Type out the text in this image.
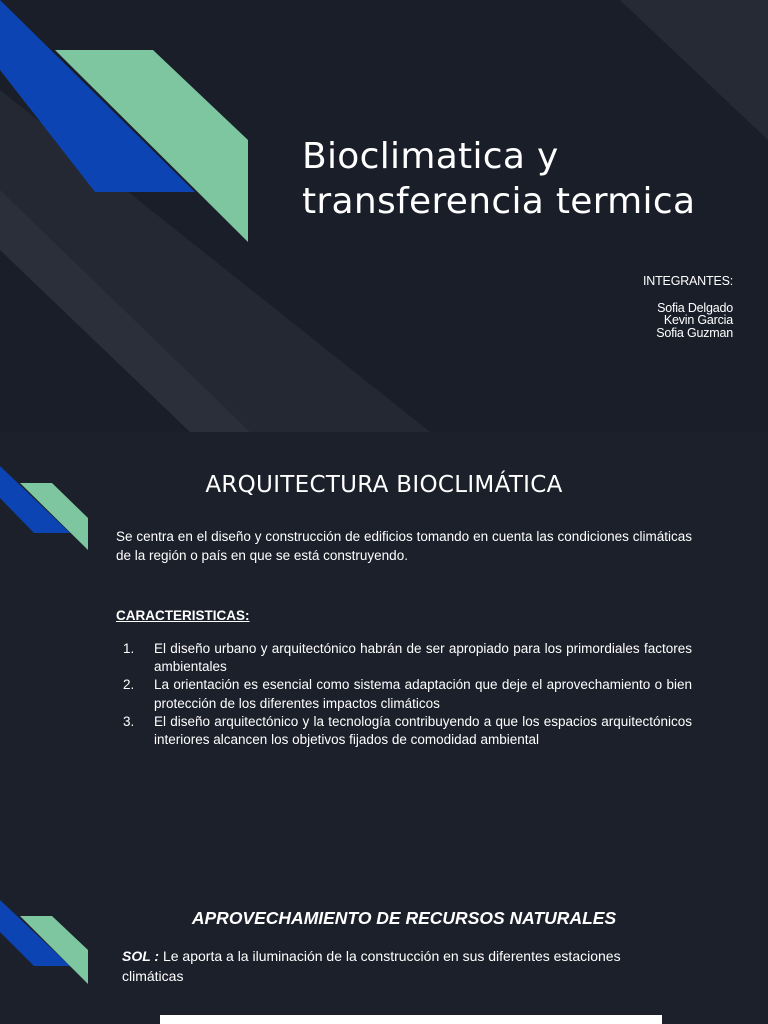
Bioclimatica y transferencia termica
INTEGRANTES:
Sofia Delgado
Kevin Garcia
Sofia Guzman
ARQUITECTURA BIOCLIMÁTICA

Se centra en el diseño y construcción de edificios tomando en cuenta las condiciones climáticas de la región o país en que se está construyendo.

CARACTERISTICAS:

1. El diseño urbano y arquitectónico habrán de ser apropiado para los primordiales factores ambientales
2. La orientación es esencial como sistema adaptación que deje el aprovechamiento o bien protección de los diferentes impactos climáticos
3. El diseño arquitectónico y la tecnología contribuyendo a que los espacios arquitectónicos interiores alcancen los objetivos fijados de comodidad ambiental
APROVECHAMIENTO DE RECURSOS NATURALES

SOL : Le aporta a la iluminación de la construcción en sus diferentes estaciones climáticas
